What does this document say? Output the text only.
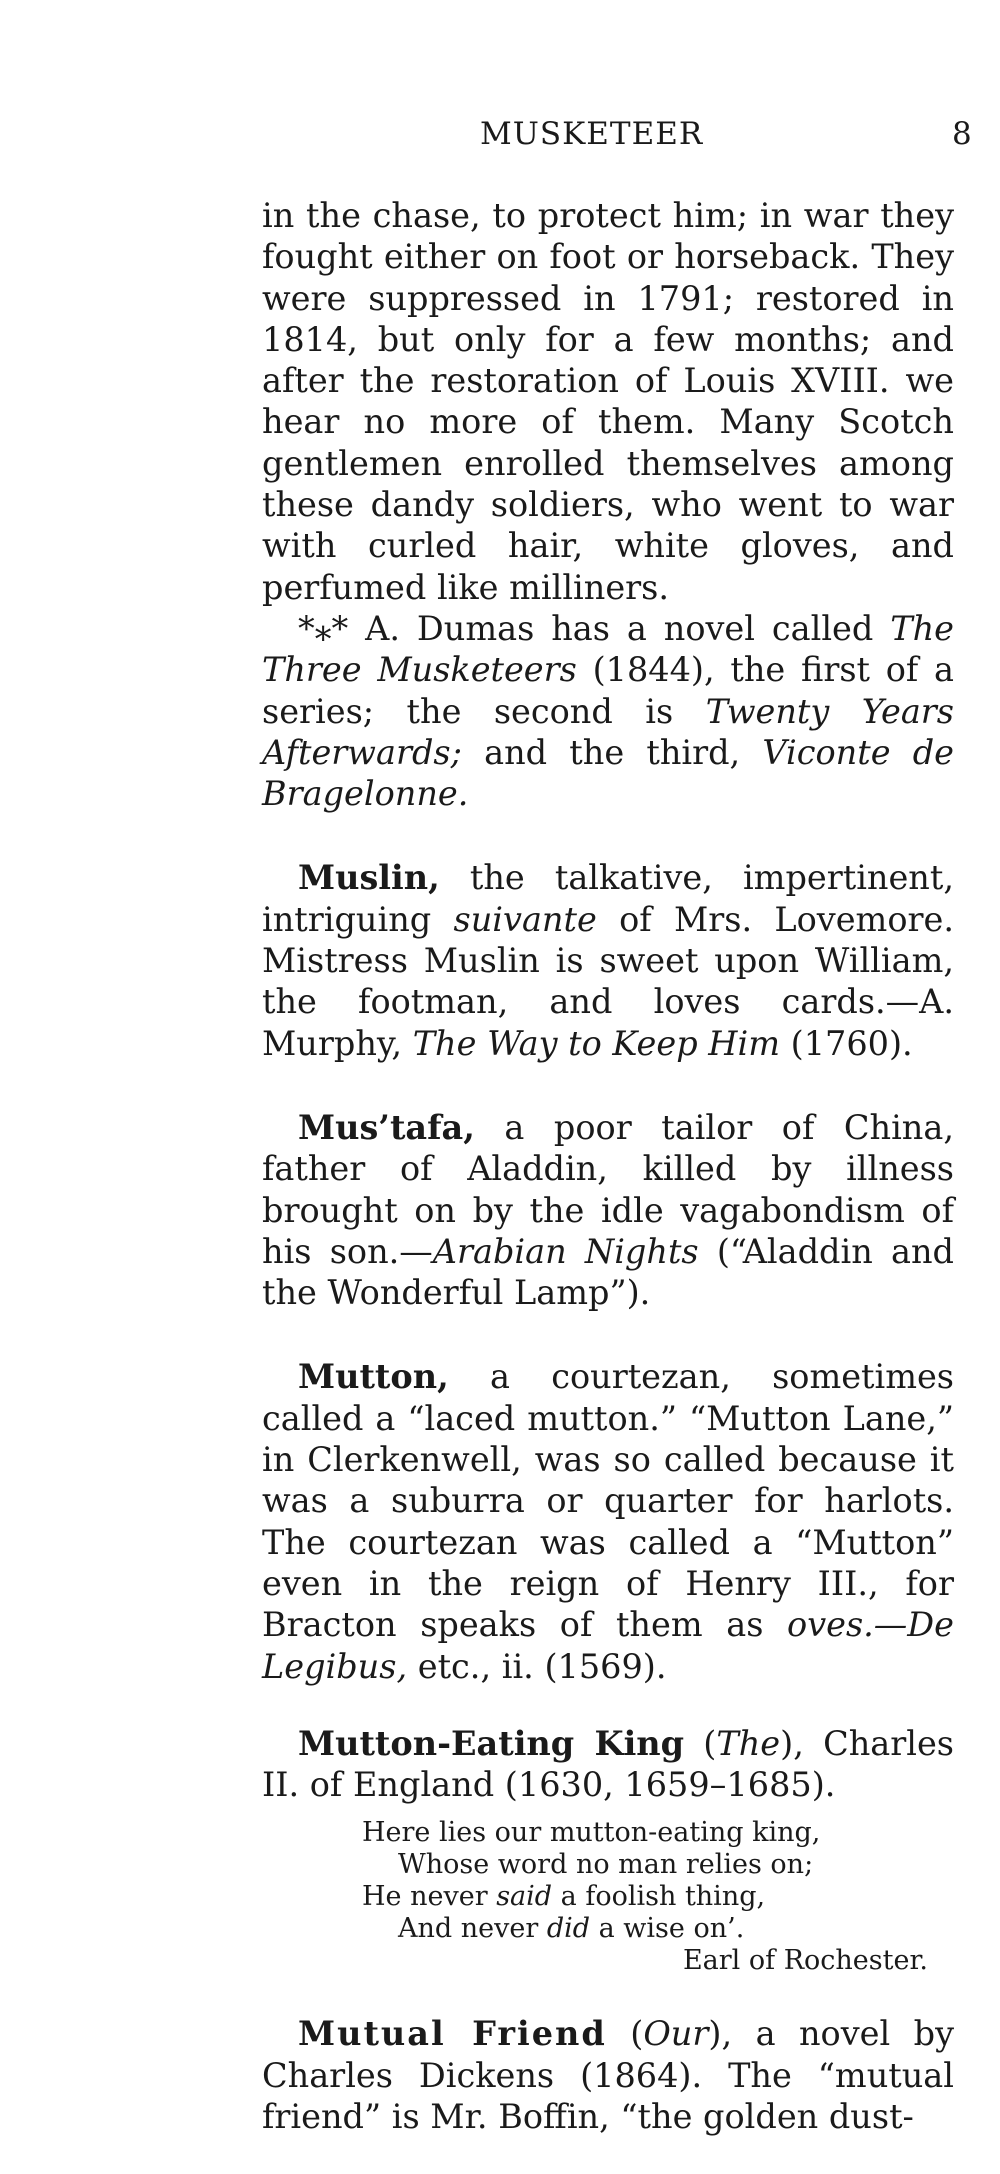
MUSKETEER	8

in the chase, to protect him; in war they fought either on foot or horseback. They were suppressed in 1791; restored in 1814, but only for a few months; and after the restoration of Louis XVIII. we hear no more of them. Many Scotch gentlemen enrolled themselves among these dandy soldiers, who went to war with curled hair, white gloves, and perfumed like milliners.

*⁎* A. Dumas has a novel called The Three Musketeers (1844), the first of a series; the second is Twenty Years Afterwards; and the third, Viconte de Bragelonne.

Muslin, the talkative, impertinent, intriguing suivante of Mrs. Lovemore. Mistress Muslin is sweet upon William, the footman, and loves cards.—A. Murphy, The Way to Keep Him (1760).

Mus’tafa, a poor tailor of China, father of Aladdin, killed by illness brought on by the idle vagabondism of his son.—Arabian Nights (“Aladdin and the Wonderful Lamp”).

Mutton, a courtezan, sometimes called a “laced mutton.” “Mutton Lane,” in Clerkenwell, was so called because it was a suburra or quarter for harlots. The courtezan was called a “Mutton” even in the reign of Henry III., for Bracton speaks of them as oves.—De Legibus, etc., ii. (1569).

Mutton-Eating King (The), Charles II. of England (1630, 1659–1685).

Here lies our mutton-eating king,
Whose word no man relies on;
He never said a foolish thing,
And never did a wise on’.
Earl of Rochester.

Mutual Friend (Our), a novel by Charles Dickens (1864). The “mutual friend” is Mr. Boffin, “the golden dust-
